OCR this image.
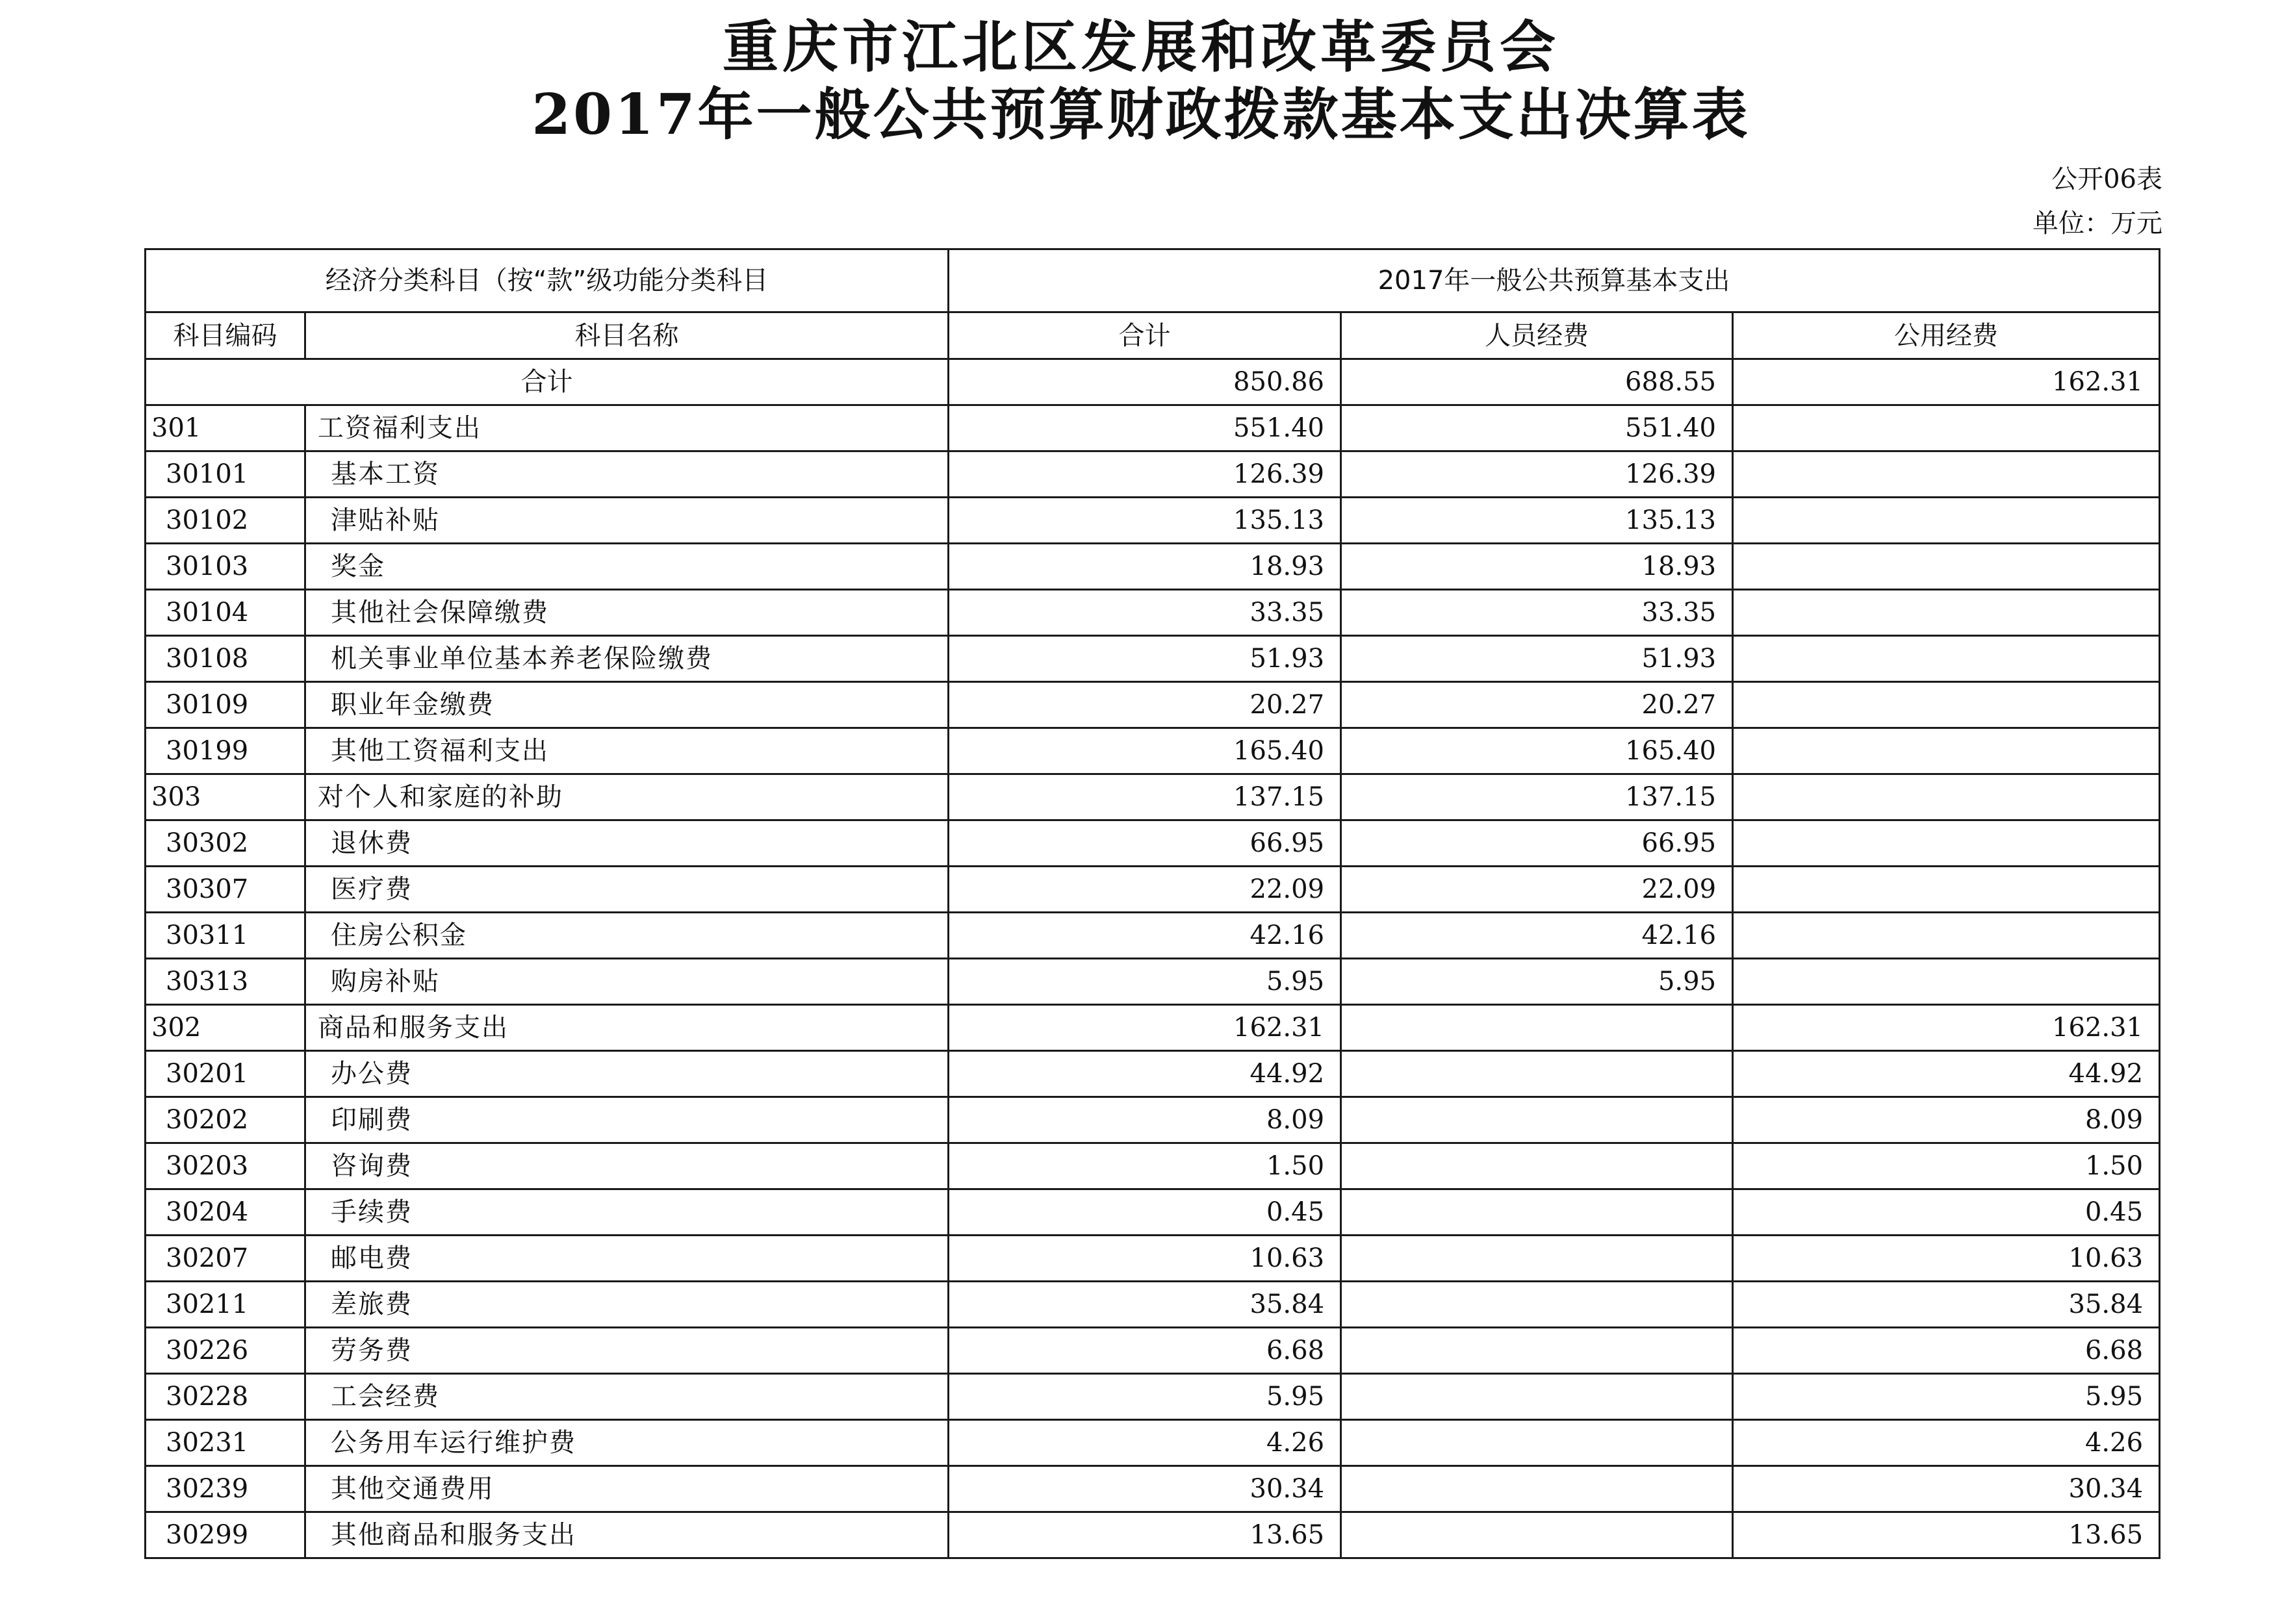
重庆市江北区发展和改革委员会
2017年一般公共预算财政拨款基本支出决算表
公开06表
单位：万元
经济分类科目（按“款”级功能分类科目		2017年一般公共预算基本支出		
科目编码	科目名称	合计	人员经费	公用经费
合计		850.86	688.55	162.31
301	工资福利支出	551.40	551.40	
30101	基本工资	126.39	126.39	
30102	津贴补贴	135.13	135.13	
30103	奖金	18.93	18.93	
30104	其他社会保障缴费	33.35	33.35	
30108	机关事业单位基本养老保险缴费	51.93	51.93	
30109	职业年金缴费	20.27	20.27	
30199	其他工资福利支出	165.40	165.40	
303	对个人和家庭的补助	137.15	137.15	
30302	退休费	66.95	66.95	
30307	医疗费	22.09	22.09	
30311	住房公积金	42.16	42.16	
30313	购房补贴	5.95	5.95	
302	商品和服务支出	162.31		162.31
30201	办公费	44.92		44.92
30202	印刷费	8.09		8.09
30203	咨询费	1.50		1.50
30204	手续费	0.45		0.45
30207	邮电费	10.63		10.63
30211	差旅费	35.84		35.84
30226	劳务费	6.68		6.68
30228	工会经费	5.95		5.95
30231	公务用车运行维护费	4.26		4.26
30239	其他交通费用	30.34		30.34
30299	其他商品和服务支出	13.65		13.65
